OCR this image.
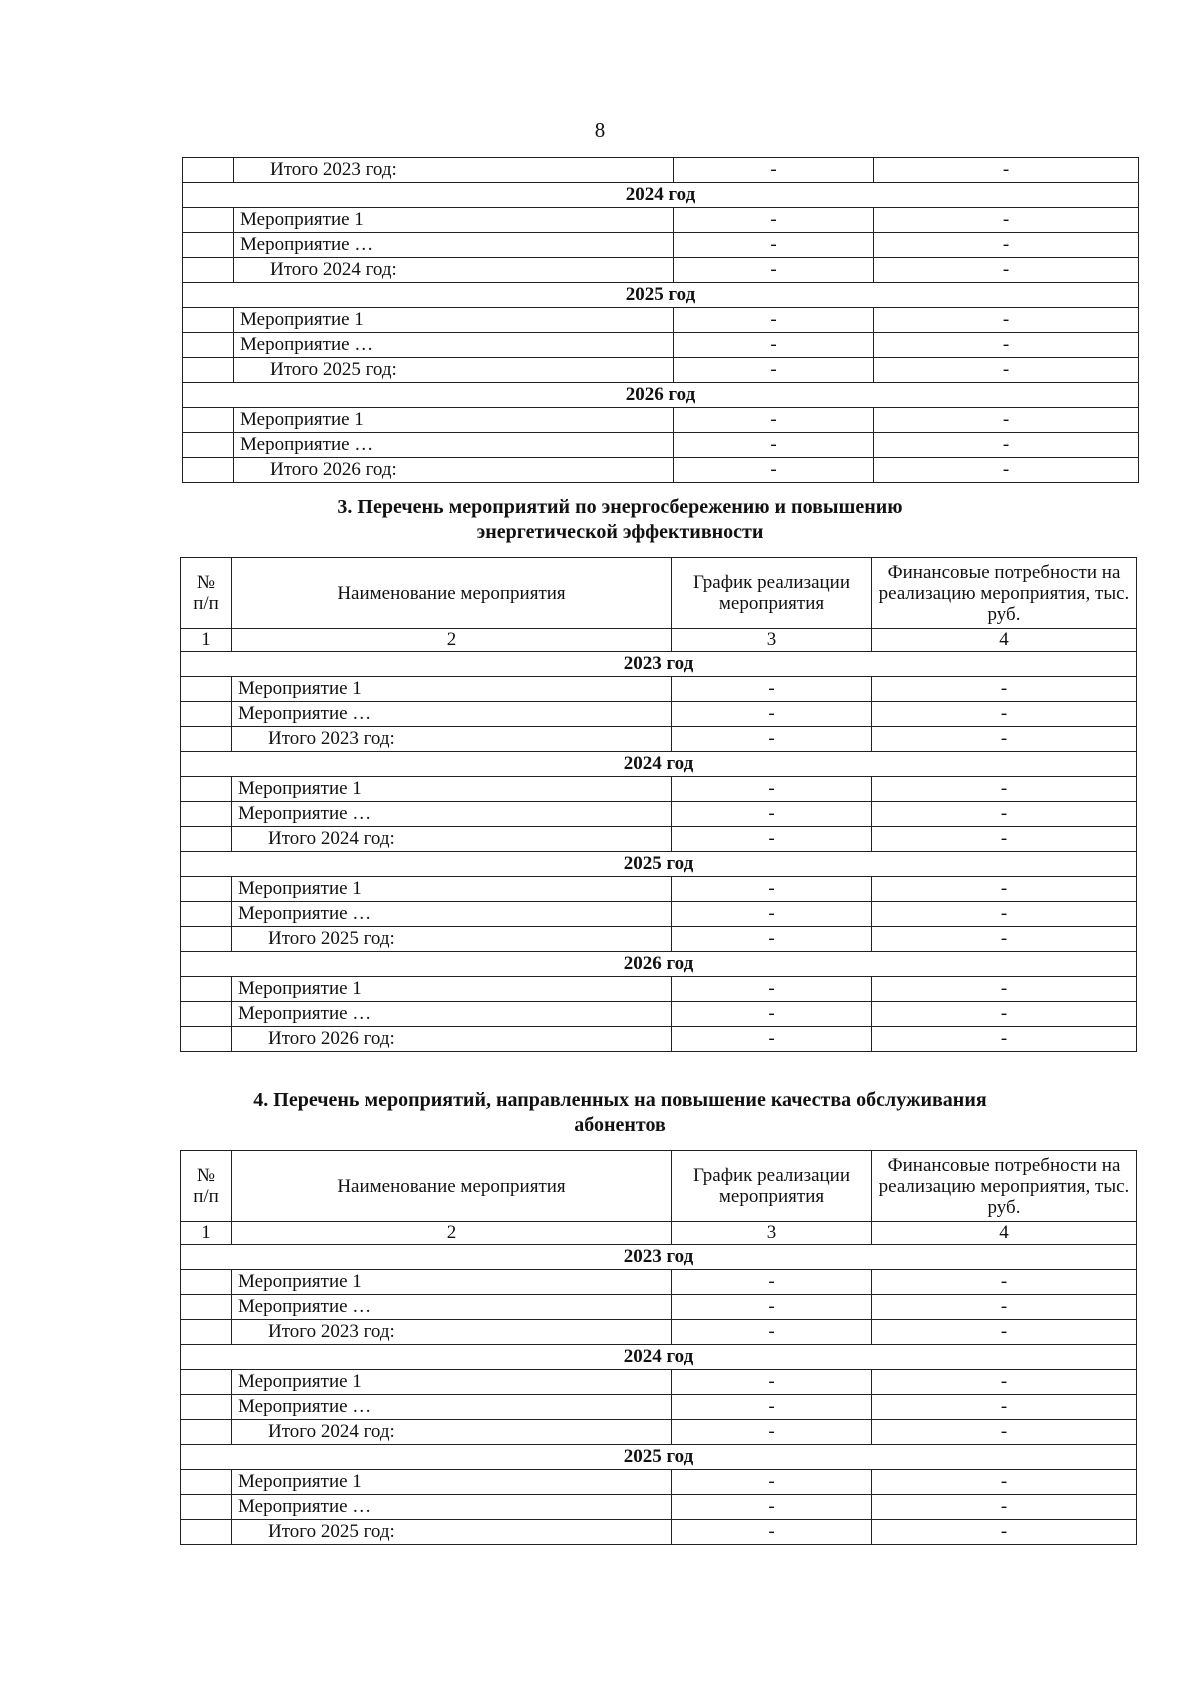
8
	Итого 2023 год:	-	-
2024 год			
	Мероприятие 1	-	-
	Мероприятие …	-	-
	Итого 2024 год:	-	-
2025 год			
	Мероприятие 1	-	-
	Мероприятие …	-	-
	Итого 2025 год:	-	-
2026 год			
	Мероприятие 1	-	-
	Мероприятие …	-	-
	Итого 2026 год:	-	-
3. Перечень мероприятий по энергосбережению и повышению
энергетической эффективности
№ п/п	Наименование мероприятия	График реализации мероприятия	Финансовые потребности на реализацию мероприятия, тыс. руб.
1	2	3	4
2023 год			
	Мероприятие 1	-	-
	Мероприятие …	-	-
	Итого 2023 год:	-	-
2024 год			
	Мероприятие 1	-	-
	Мероприятие …	-	-
	Итого 2024 год:	-	-
2025 год			
	Мероприятие 1	-	-
	Мероприятие …	-	-
	Итого 2025 год:	-	-
2026 год			
	Мероприятие 1	-	-
	Мероприятие …	-	-
	Итого 2026 год:	-	-
4. Перечень мероприятий, направленных на повышение качества обслуживания
абонентов
№ п/п	Наименование мероприятия	График реализации мероприятия	Финансовые потребности на реализацию мероприятия, тыс. руб.
1	2	3	4
2023 год			
	Мероприятие 1	-	-
	Мероприятие …	-	-
	Итого 2023 год:	-	-
2024 год			
	Мероприятие 1	-	-
	Мероприятие …	-	-
	Итого 2024 год:	-	-
2025 год			
	Мероприятие 1	-	-
	Мероприятие …	-	-
	Итого 2025 год:	-	-
